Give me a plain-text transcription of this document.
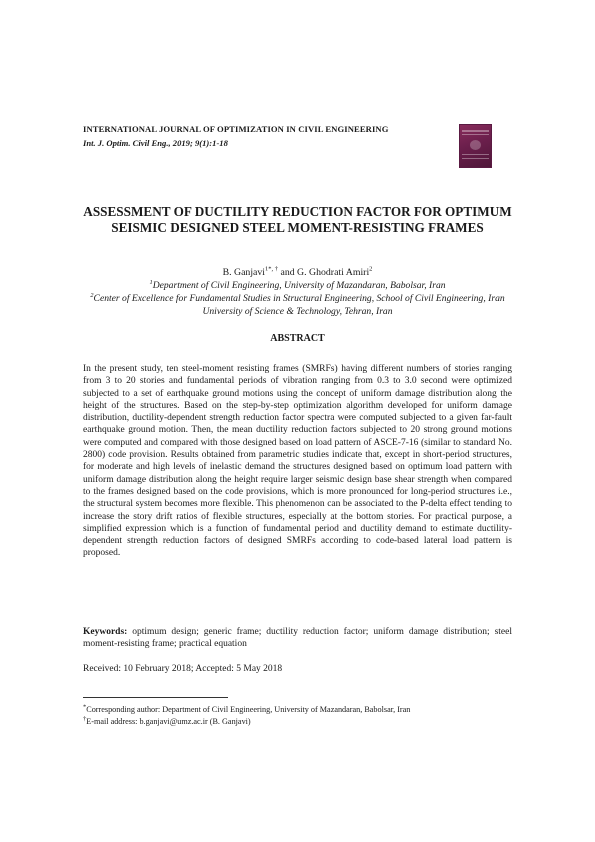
INTERNATIONAL JOURNAL OF OPTIMIZATION IN CIVIL ENGINEERING
Int. J. Optim. Civil Eng., 2019; 9(1):1-18
ASSESSMENT OF DUCTILITY REDUCTION FACTOR FOR OPTIMUM SEISMIC DESIGNED STEEL MOMENT-RESISTING FRAMES
B. Ganjavi$^{1*, \dagger}$ and G. Ghodrati Amiri$^2$
$^1$Department of Civil Engineering, University of Mazandaran, Babolsar, Iran
$^2$Center of Excellence for Fundamental Studies in Structural Engineering, School of Civil Engineering, Iran University of Science & Technology, Tehran, Iran
ABSTRACT
In the present study, ten steel-moment resisting frames (SMRFs) having different numbers of stories ranging from 3 to 20 stories and fundamental periods of vibration ranging from 0.3 to 3.0 second were optimized subjected to a set of earthquake ground motions using the concept of uniform damage distribution along the height of the structures. Based on the step-by-step optimization algorithm developed for uniform damage distribution, ductility-dependent strength reduction factor spectra were computed subjected to a given far-fault earthquake ground motion. Then, the mean ductility reduction factors subjected to 20 strong ground motions were computed and compared with those designed based on load pattern of ASCE-7-16 (similar to standard No. 2800) code provision. Results obtained from parametric studies indicate that, except in short-period structures, for moderate and high levels of inelastic demand the structures designed based on optimum load pattern with uniform damage distribution along the height require larger seismic design base shear strength when compared to the frames designed based on the code provisions, which is more pronounced for long-period structures i.e., the structural system becomes more flexible. This phenomenon can be associated to the P-delta effect tending to increase the story drift ratios of flexible structures, especially at the bottom stories. For practical purpose, a simplified expression which is a function of fundamental period and ductility demand to estimate ductility-dependent strength reduction factors of designed SMRFs according to code-based lateral load pattern is proposed.
Keywords: optimum design; generic frame; ductility reduction factor; uniform damage distribution; steel moment-resisting frame; practical equation
Received: 10 February 2018; Accepted: 5 May 2018
*Corresponding author: Department of Civil Engineering, University of Mazandaran, Babolsar, Iran
†E-mail address: b.ganjavi@umz.ac.ir (B. Ganjavi)
